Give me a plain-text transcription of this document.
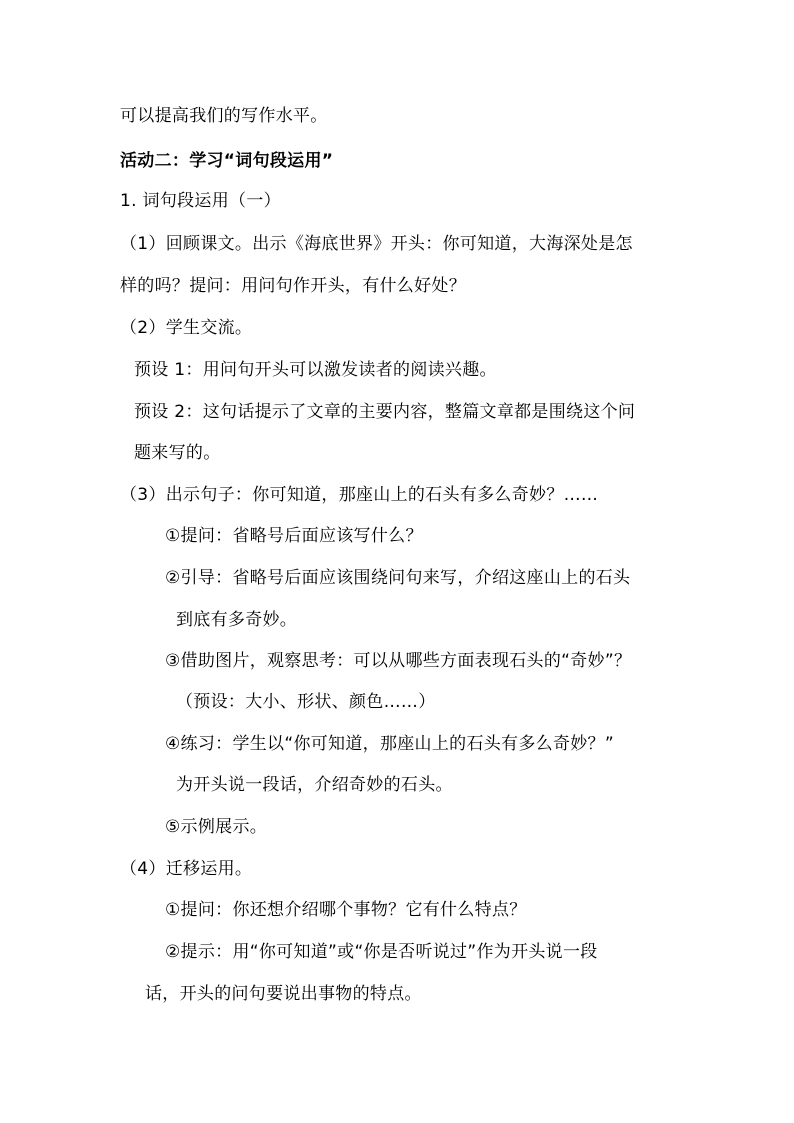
可以提高我们的写作水平。
活动二：学习“词句段运用”
1. 词句段运用（一）
（1）回顾课文。出示《海底世界》开头：你可知道，大海深处是怎
样的吗？提问：用问句作开头，有什么好处？
（2）学生交流。
预设 1：用问句开头可以激发读者的阅读兴趣。
预设 2：这句话提示了文章的主要内容，整篇文章都是围绕这个问
题来写的。
（3）出示句子：你可知道，那座山上的石头有多么奇妙？……
①提问：省略号后面应该写什么？
②引导：省略号后面应该围绕问句来写，介绍这座山上的石头
到底有多奇妙。
③借助图片，观察思考：可以从哪些方面表现石头的“奇妙”？
（预设：大小、形状、颜色……）
④练习：学生以“你可知道，那座山上的石头有多么奇妙？”
为开头说一段话，介绍奇妙的石头。
⑤示例展示。
（4）迁移运用。
①提问：你还想介绍哪个事物？它有什么特点？
②提示：用“你可知道”或“你是否听说过”作为开头说一段
话，开头的问句要说出事物的特点。
